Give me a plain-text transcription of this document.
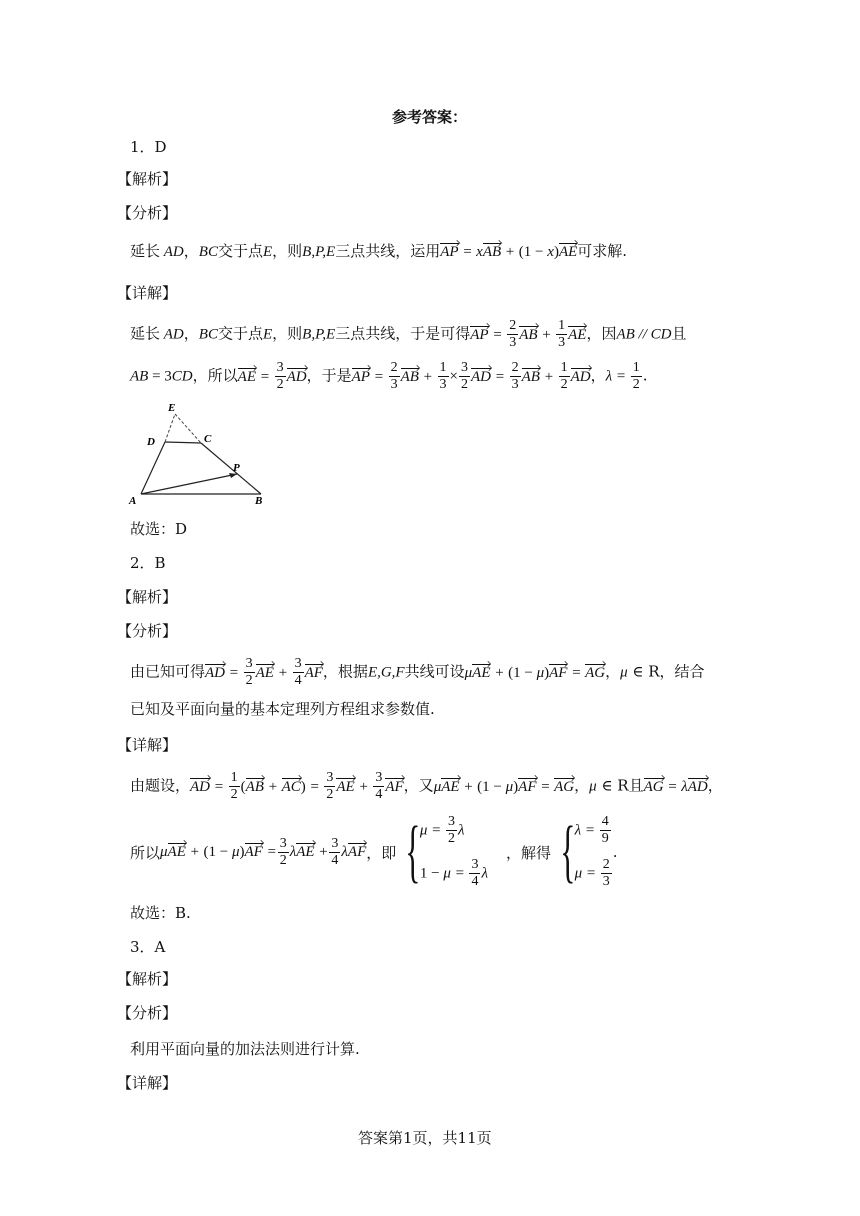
参考答案：
1．D
【解析】
【分析】
延长 AD，BC交于点E，则B,P,E三点共线，运用AP = xAB + (1 − x)AE可求解.
【详解】
延长 AD，BC交于点E，则B,P,E三点共线，于是可得AP = $\frac{2}{3}$ AB + $\frac{1}{3}$ AE，因AB // CD且
AB = 3CD，所以AE = $\frac{3}{2}$ AD，于是AP = $\frac{2}{3}$ AB + $\frac{1}{3} \times \frac{3}{2}$ AD = $\frac{2}{3}$ AB + $\frac{1}{2}$ AD，$\lambda = \frac{1}{2}$ .
E
D	C
P
A	B
故选：D
2．B
【解析】
【分析】
由已知可得AD = $\frac{3}{2}$ AE + $\frac{3}{4}$ AF，根据E,G,F共线可设μAE + (1 − μ)AF = AG，μ ∈ R，结合
已知及平面向量的基本定理列方程组求参数值.
【详解】
由题设，AD = $\frac{1}{2} (AB + AC) = \frac{3}{2}$ AE + $\frac{3}{4}$ AF，又μAE + (1 − μ)AF = AG，μ ∈ R且AG = λAD，
所以 $\mu AE + (1 - \mu)AF = \frac{3}{2}$ $\lambda AE + \frac{3}{4}$ λAF ，即 { $\mu = \frac{3}{2}$ λ
$1 - \mu = \frac{3}{4}$ λ
，解得 { $\lambda = \frac{4}{9}$
$\mu = \frac{2}{3}$
.
故选：B.
3．A
【解析】
【分析】
利用平面向量的加法法则进行计算.
【详解】
答案第1页，共11页
